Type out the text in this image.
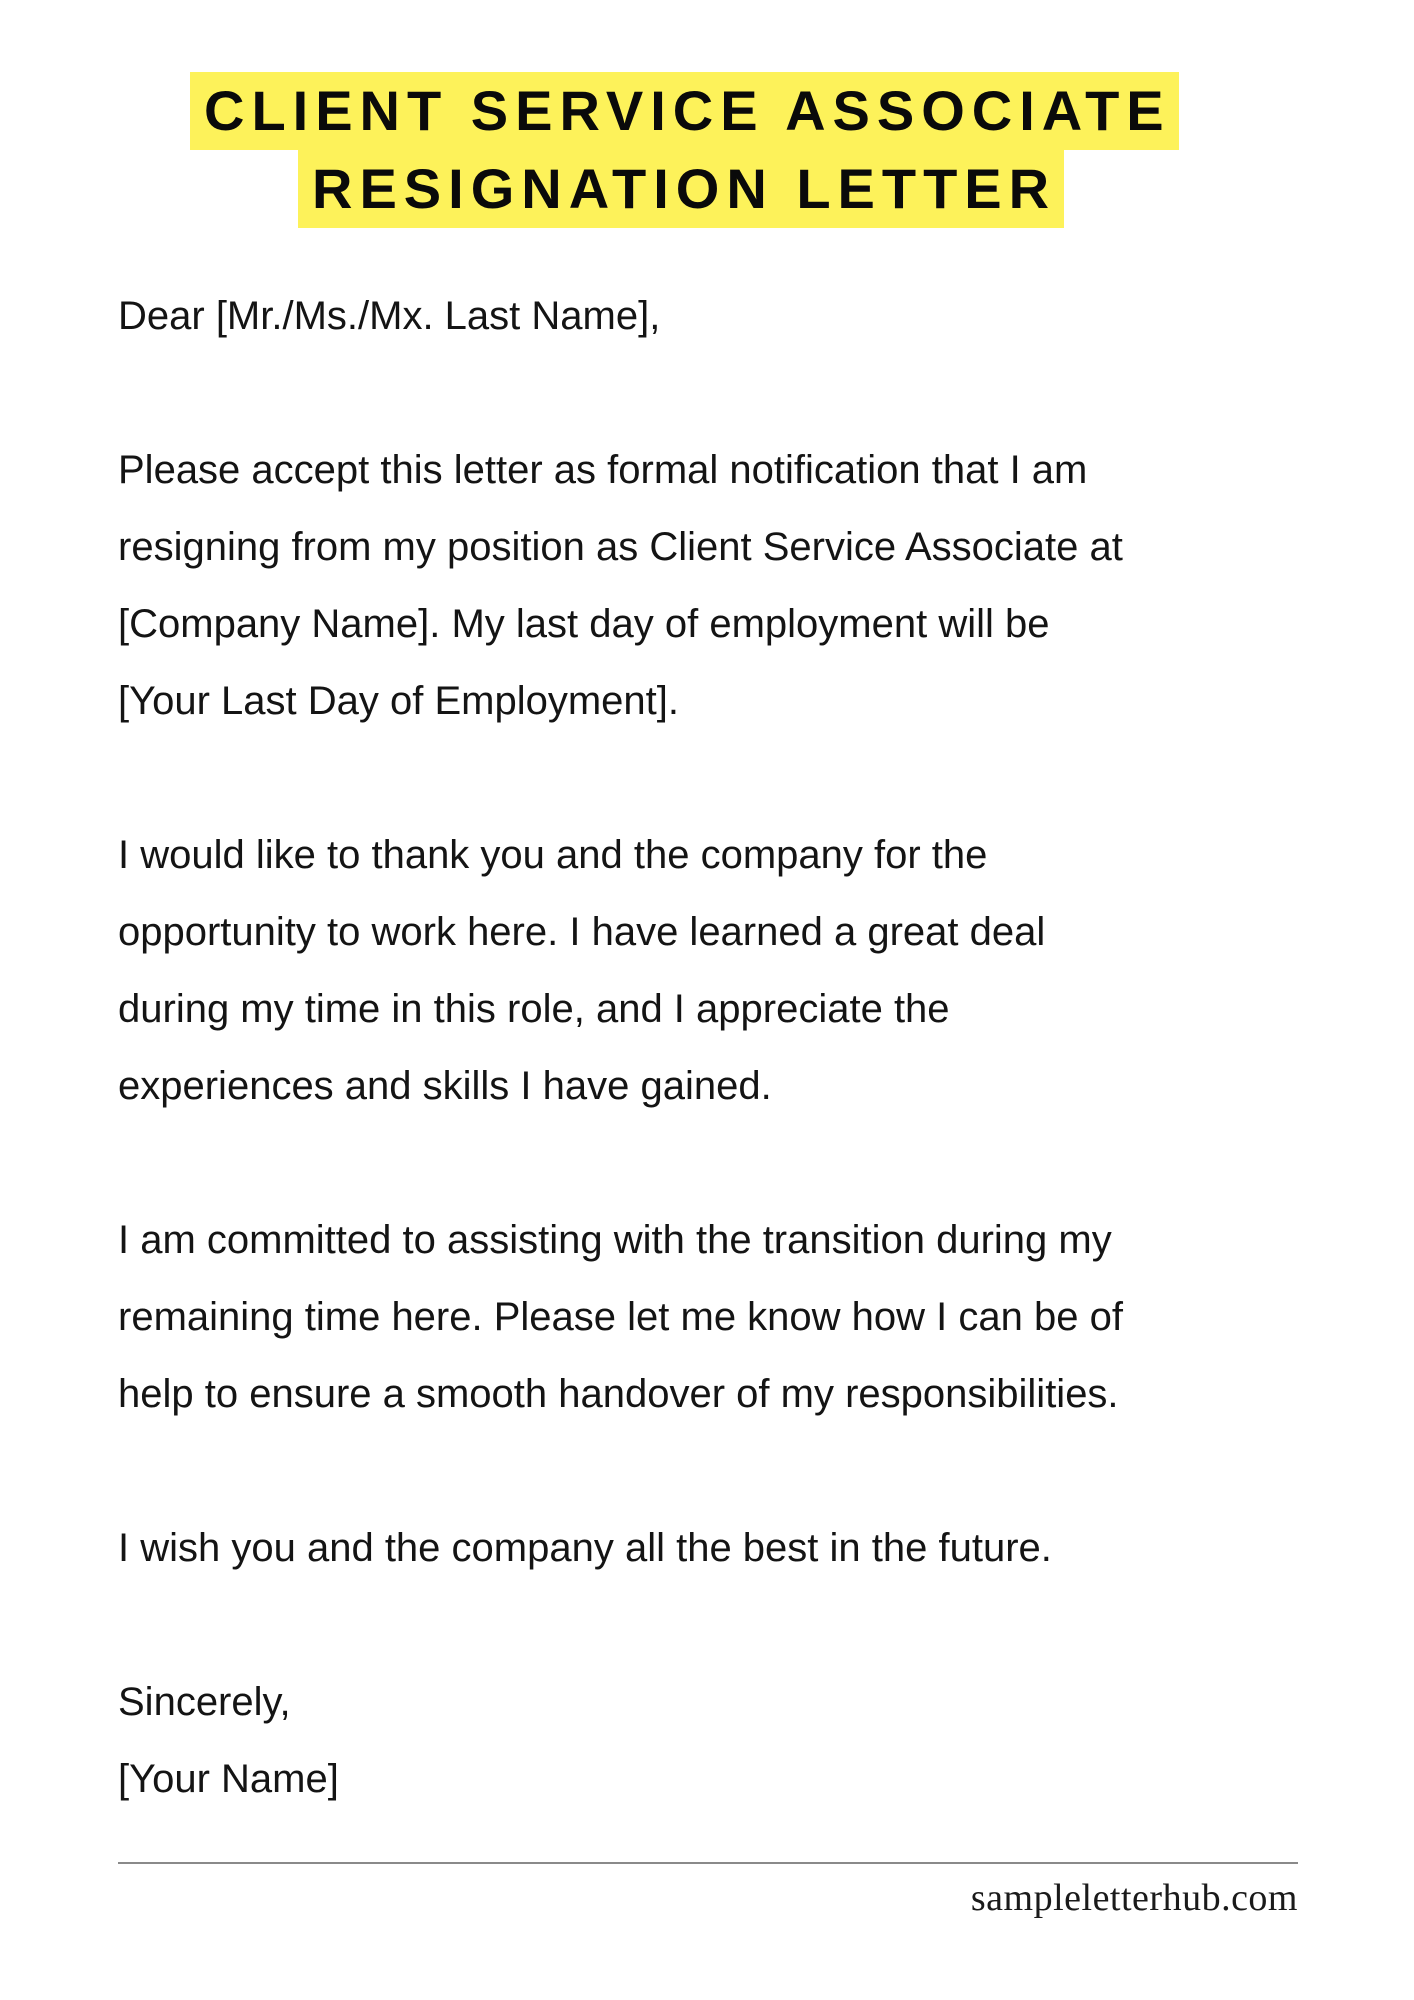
CLIENT SERVICE ASSOCIATE
RESIGNATION LETTER

Dear [Mr./Ms./Mx. Last Name],

Please accept this letter as formal notification that I am

resigning from my position as Client Service Associate at

[Company Name]. My last day of employment will be

[Your Last Day of Employment].

I would like to thank you and the company for the

opportunity to work here. I have learned a great deal

during my time in this role, and I appreciate the

experiences and skills I have gained.

I am committed to assisting with the transition during my

remaining time here. Please let me know how I can be of

help to ensure a smooth handover of my responsibilities.

I wish you and the company all the best in the future.

Sincerely,

[Your Name]

sampleletterhub.com
